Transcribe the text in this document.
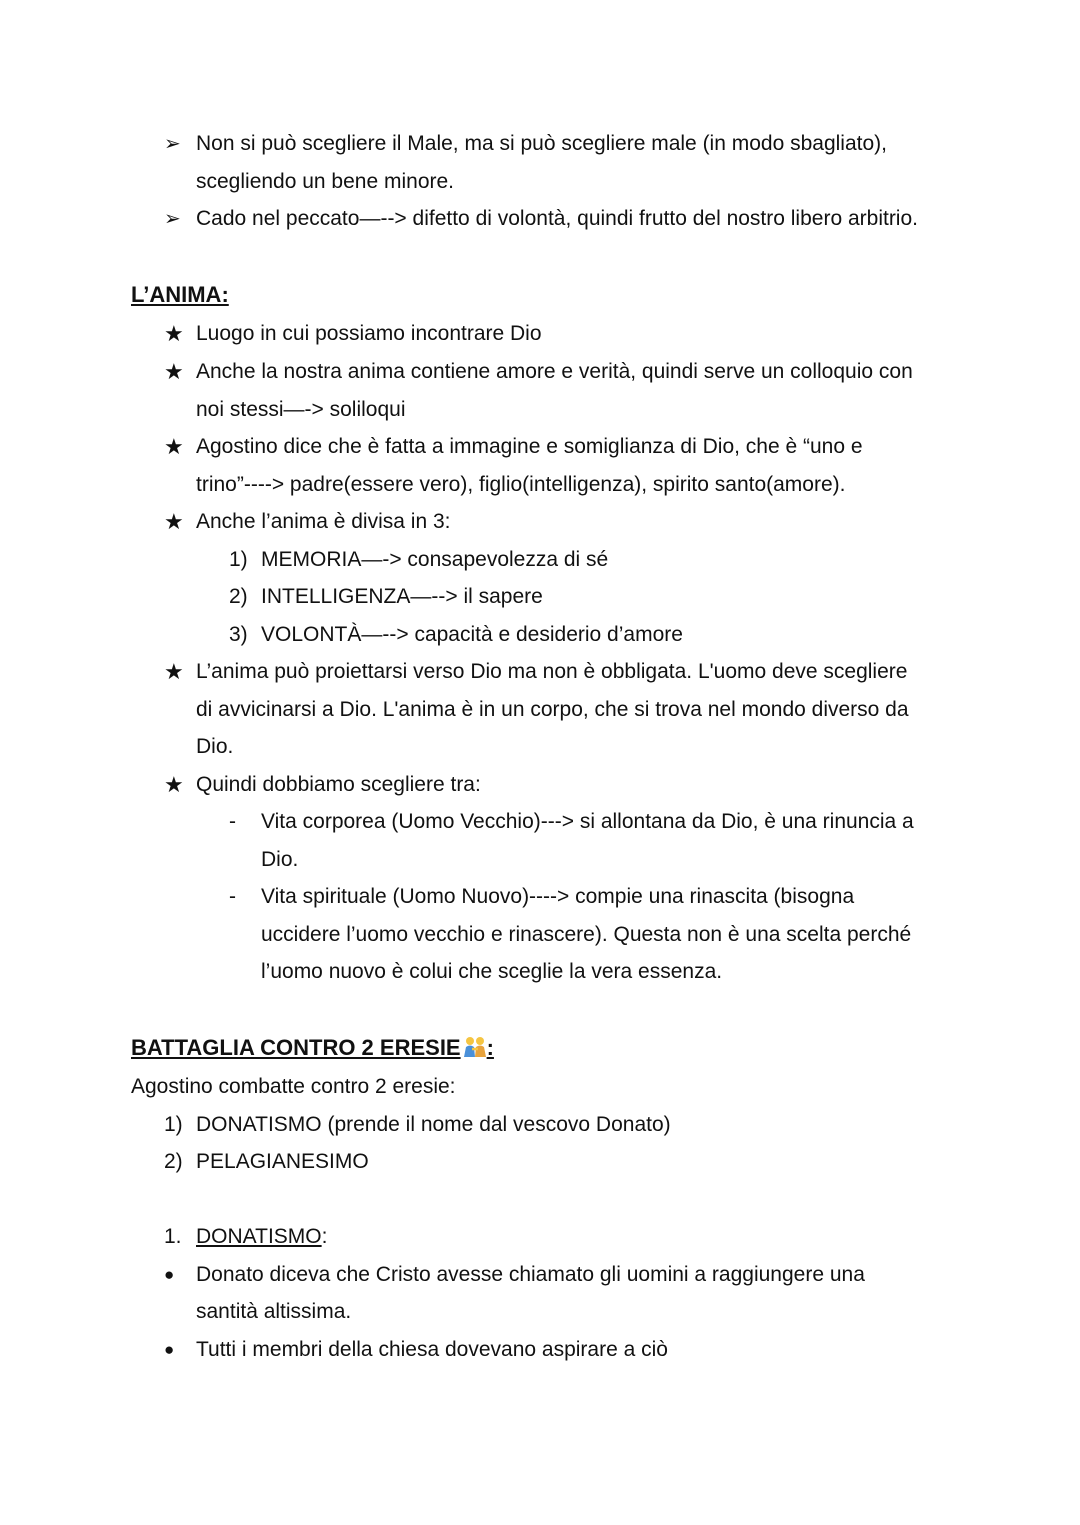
➢ Non si può scegliere il Male, ma si può scegliere male (in modo sbagliato),
scegliendo un bene minore.
➢ Cado nel peccato—--> difetto di volontà, quindi frutto del nostro libero arbitrio.
L’ANIMA:
★ Luogo in cui possiamo incontrare Dio
★ Anche la nostra anima contiene amore e verità, quindi serve un colloquio con
noi stessi—-> soliloqui
★ Agostino dice che è fatta a immagine e somiglianza di Dio, che è “uno e
trino”----> padre(essere vero), figlio(intelligenza), spirito santo(amore).
★ Anche l’anima è divisa in 3:
1) MEMORIA—-> consapevolezza di sé
2) INTELLIGENZA—--> il sapere
3) VOLONTÀ—--> capacità e desiderio d’amore
★ L’anima può proiettarsi verso Dio ma non è obbligata. L'uomo deve scegliere
di avvicinarsi a Dio. L'anima è in un corpo, che si trova nel mondo diverso da
Dio.
★ Quindi dobbiamo scegliere tra:
- Vita corporea (Uomo Vecchio)---> si allontana da Dio, è una rinuncia a
Dio.
- Vita spirituale (Uomo Nuovo)----> compie una rinascita (bisogna
uccidere l’uomo vecchio e rinascere). Questa non è una scelta perché
l’uomo nuovo è colui che sceglie la vera essenza.
BATTAGLIA CONTRO 2 ERESIE :
Agostino combatte contro 2 eresie:
1) DONATISMO (prende il nome dal vescovo Donato)
2) PELAGIANESIMO
1. DONATISMO:
● Donato diceva che Cristo avesse chiamato gli uomini a raggiungere una
santità altissima.
● Tutti i membri della chiesa dovevano aspirare a ciò
